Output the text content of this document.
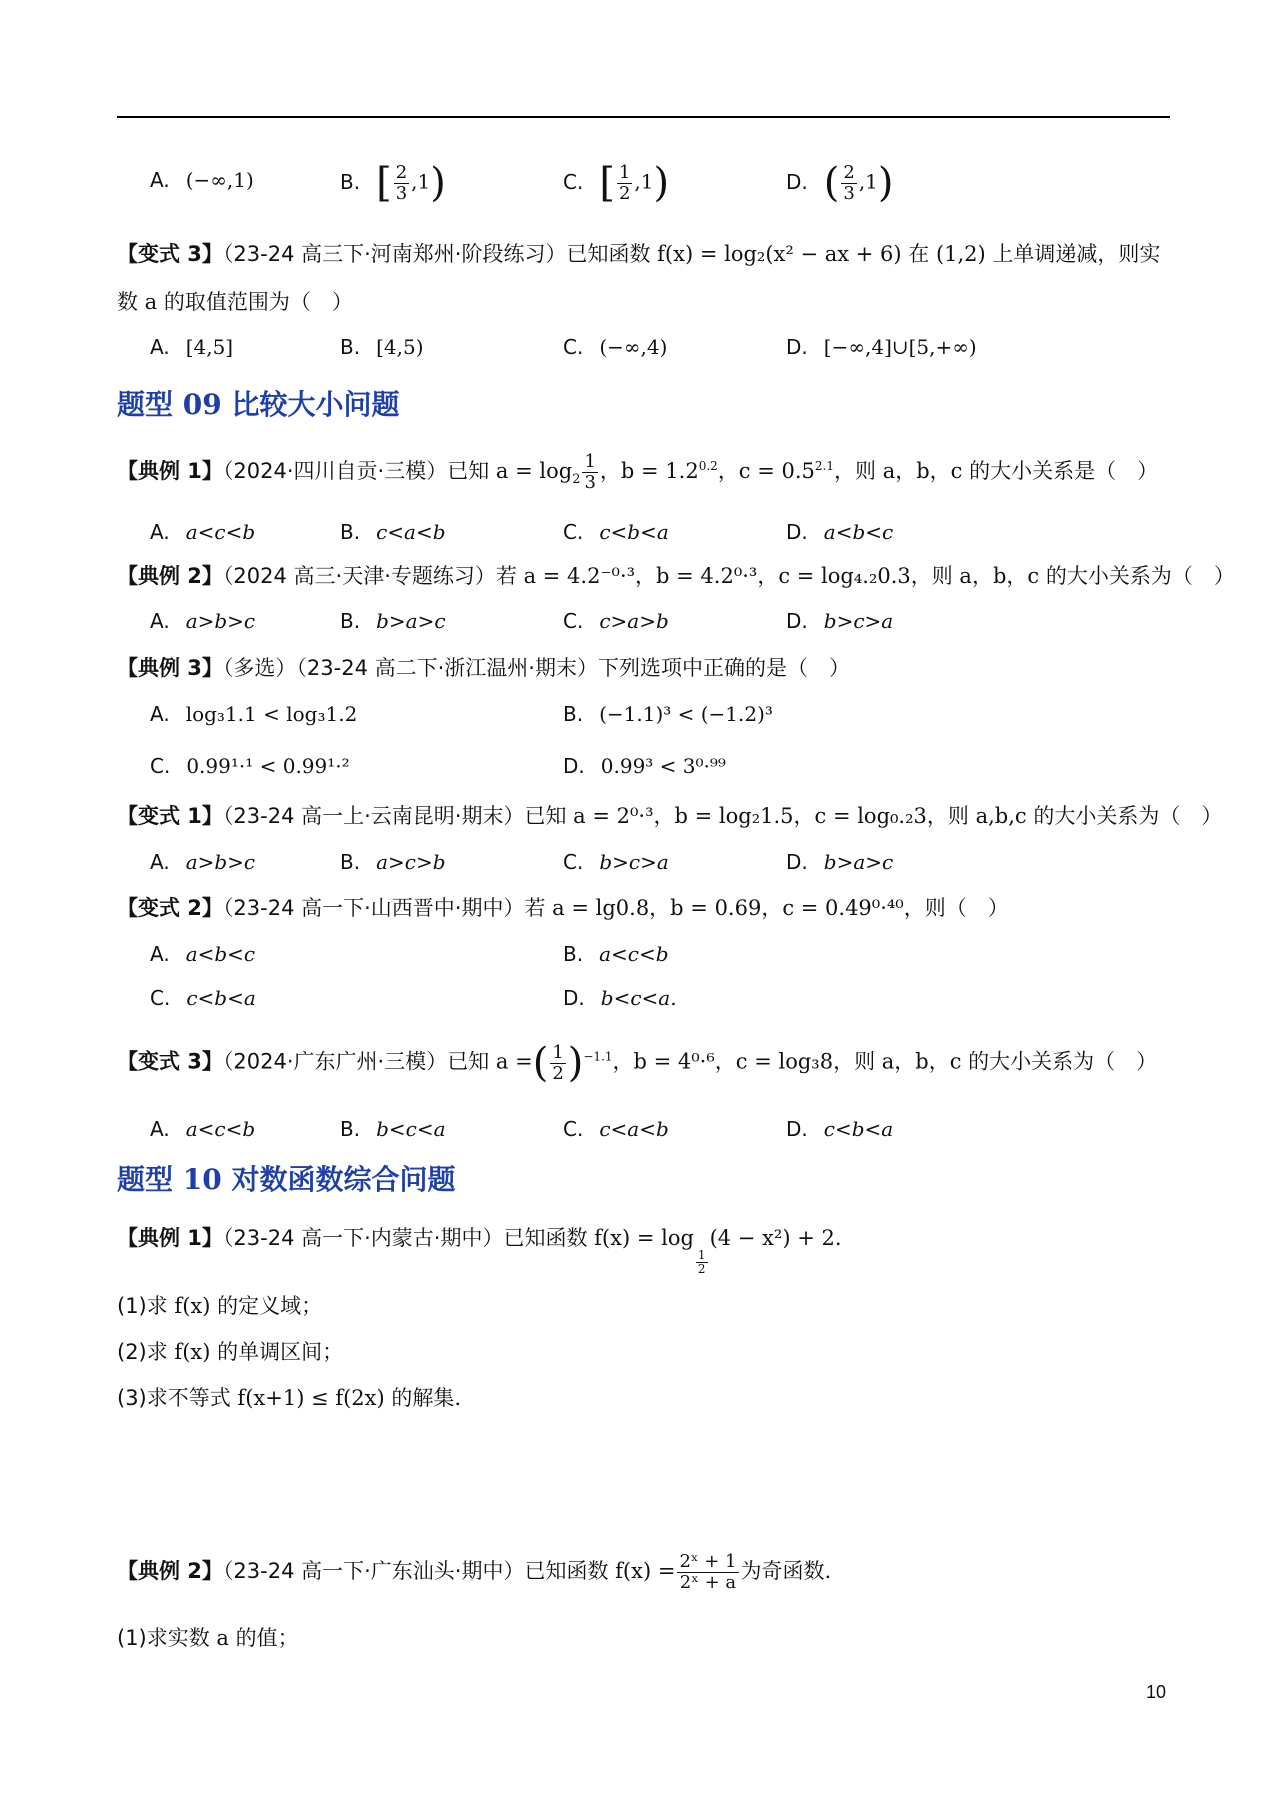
A. (−∞,1)	B. [ $\frac{2}{3} ,1$)	C. [ $\frac{1}{2} ,1$)	D. ( $\frac{2}{3} ,1$)
【变式 3】（23-24 高三下·河南郑州·阶段练习）已知函数 f(x) = log₂(x² − ax + 6) 在 (1,2) 上单调递减，则实
数 a 的取值范围为（　）
A. [4,5]	B. [4,5)	C. (−∞,4)	D. [−∞,4]∪[5,+∞)
题型 09 比较大小问题
【典例 1】（2024·四川自贡·三模）已知 $a = \log_2 \frac{1}{3}$ ，$b = 1.2^{0.2}$，$c = 0.5^{2.1}$，则 a，b，c 的大小关系是（　）
A. a<c<b	B. c<a<b	C. c<b<a	D. a<b<c
【典例 2】（2024 高三·天津·专题练习）若 a = 4.2⁻⁰·³，b = 4.2⁰·³，c = log₄.₂0.3，则 a，b，c 的大小关系为（　）
A. a>b>c	B. b>a>c	C. c>a>b	D. b>c>a
【典例 3】（多选）（23-24 高二下·浙江温州·期末）下列选项中正确的是（　）
A. log₃1.1 < log₃1.2	B. (−1.1)³ < (−1.2)³
C. 0.99¹·¹ < 0.99¹·²	D. 0.99³ < 3⁰·⁹⁹
【变式 1】（23-24 高一上·云南昆明·期末）已知 a = 2⁰·³，b = log₂1.5，c = log₀.₂3，则 a,b,c 的大小关系为（　）
A. a>b>c	B. a>c>b	C. b>c>a	D. b>a>c
【变式 2】（23-24 高一下·山西晋中·期中）若 a = lg0.8，b = 0.69，c = 0.49⁰·⁴⁰，则（　）
A. a<b<c	B. a<c<b
C. c<b<a	D. b<c<a.
【变式 3】（2024·广东广州·三模）已知 a =( $\frac{1}{2} )^{-1.1}$，b = 4⁰·⁶，c = log₃8，则 a，b，c 的大小关系为（　）
A. a<c<b	B. b<c<a	C. c<a<b	D. c<b<a
题型 10 对数函数综合问题
【典例 1】（23-24 高一下·内蒙古·期中）已知函数 f(x) = log
$\frac{1}{2}$
(4 − x²) + 2.
(1)求 f(x) 的定义域；
(2)求 f(x) 的单调区间；
(3)求不等式 f(x+1) ≤ f(2x) 的解集.
【典例 2】（23-24 高一下·广东汕头·期中）已知函数 $f(x) = \frac{\text{2ˣ + 1}}{\text{2ˣ + a}}$ 为奇函数.
(1)求实数 a 的值；
10
